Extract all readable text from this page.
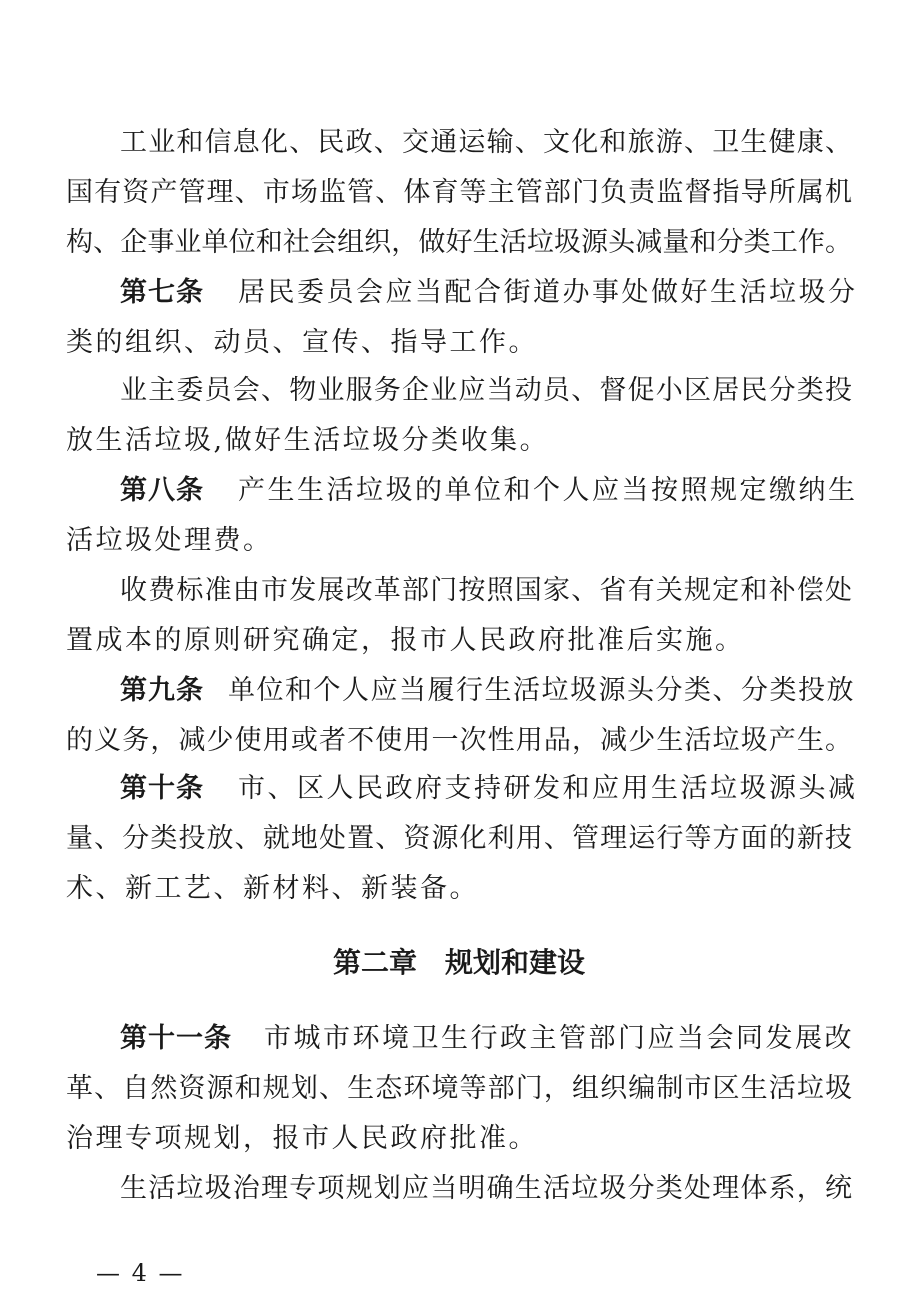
工业和信息化、民政、交通运输、文化和旅游、卫生健康、
国有资产管理、市场监管、体育等主管部门负责监督指导所属机
构、企事业单位和社会组织，做好生活垃圾源头减量和分类工作。
第七条 居民委员会应当配合街道办事处做好生活垃圾分
类的组织、动员、宣传、指导工作。
业主委员会、物业服务企业应当动员、督促小区居民分类投
放生活垃圾,做好生活垃圾分类收集。
第八条 产生生活垃圾的单位和个人应当按照规定缴纳生
活垃圾处理费。
收费标准由市发展改革部门按照国家、省有关规定和补偿处
置成本的原则研究确定，报市人民政府批准后实施。
第九条 单位和个人应当履行生活垃圾源头分类、分类投放
的义务，减少使用或者不使用一次性用品，减少生活垃圾产生。
第十条 市、区人民政府支持研发和应用生活垃圾源头减
量、分类投放、就地处置、资源化利用、管理运行等方面的新技
术、新工艺、新材料、新装备。
第二章 规划和建设
第十一条 市城市环境卫生行政主管部门应当会同发展改
革、自然资源和规划、生态环境等部门，组织编制市区生活垃圾
治理专项规划，报市人民政府批准。
生活垃圾治理专项规划应当明确生活垃圾分类处理体系，统
— 4 —
